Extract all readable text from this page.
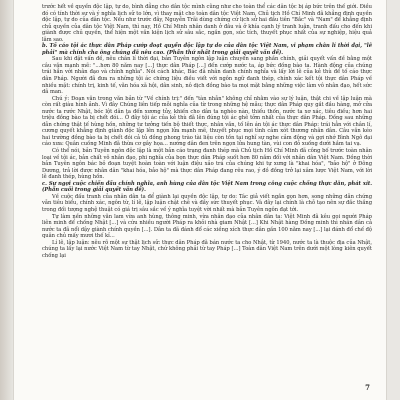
trước hết về quyền độc lập, tự do, bình đẳng cho dân tộc mình cũng như cho toàn thể các dân tộc bị áp bức trên thế giới. Điều đó có tính thời sự và ý nghĩa lịch sử to lớn, vì thay mặt cho toàn dân tộc Việt Nam, Chủ tịch Hồ Chí Minh đã khẳng định quyền độc lập, tự do của dân tộc. Nếu như trước đây, Nguyễn Trãi dùng chứng cứ lịch sử hai đầu tiên "Bắc" và "Nam" để khẳng định chủ quyền của dân tộc Việt Nam, thì nay, Hồ Chí Minh nhân danh ở đâu và ở khía cạnh lý tranh luận, tranh đấu cho đến khi giành được chủ quyền, thể hiện một văn kiện lịch sử sâu sắc, ngắn gọn, súc tích, thuyết phục nhất của sự nghiệp, hiệu quả lâm sao.

b. Tố cáo tội ác thực dân Pháp cướp đoạt quyền độc lập tự do của dân tộc Việt Nam, vi phạm chân lí thời đại, "lẽ phải" mà chính cha ông chúng đã nêu cao. (Phần thứ nhất trong giải quyết vấn đề).

Sau khi đặt vấn đề, nêu chân lí thời đại, bản Tuyên ngôn lập luận chuyển sang phần chính, giải quyết vấn đề bằng một câu văn mạnh mẽ: "...hơn 80 năm nay [...] thực dân Pháp [...] đến cướp nước ta, áp bức đồng bào ta. Hành động của chúng trái hẳn với nhân đạo và chính nghĩa". Nói cách khác, Bác đã nhân danh chính nghĩa và lấy lời lẽ của kẻ thù để tố cáo thực dân Pháp. Người đã đưa ra những tội ác chứng liệu điều viết với ngôn ngữ đanh thép, chính xác kết tội thực dân Pháp về nhiều mặt: chính trị, kinh tế, văn hóa xã hội, dân sinh, nô dịch đồng bào ta mọi mặt bằng những việc làm vô nhân đạo, hết sức dã man.

Chú ý: Đoạn văn trong văn bản từ "Về chính trị:" đến "tàn nhẫn" không chỉ nhằm vào sự lý luận, thật chi về lập luận mà còn rất giàu hình ảnh. Vì đây Chúng liên tiếp mỗi nghĩa của từ trong những hệ mẫu; thực dân Pháp quy gắt đầu hàng, mở cửa nước ta rước Nhật, bóc lột dân ta đến xương tủy, khiến cho dân ta nghèo nàn, thiếu thốn, nước ta xơ xác, tiêu điều; hơn hai triệu đồng bào ta bị chết đói... Ở đây tội ác của kẻ thù đã lên đúng tội ác ghê tởm nhất của thực dân Pháp. Đồng sau những dẫn chứng thật tế hùng hồn, những tư tưởng tiến bộ thiết thực, nhân văn, tố lên án tội ác thực dân Pháp: trái hẳn với chân lí, cương quyết khẳng định giành độc lập lên ngọn lửa mạnh mẽ, thuyết phục mọi tình cảm xót thương nhân dân. Câu văn kéo hai trường đồng bào ta bị chết đói cả tủ đồng phong trào tài liệu còn tồn tại nghĩ sự nghe cảm động và gợi nhớ Bình Ngô đại cáo xưa: Quân cuồng Minh đã thừa cơ gây họa... nướng dân đen trên ngọn lửa hung tàn, vùi con đỏ xuống dưới hầm tai vạ.

Có thể nói, bản Tuyên ngôn độc lập là một bản cáo trạng đanh thép mà Chủ tịch Hồ Chí Minh đã công bố trước toàn nhân loại về tội ác, bản chất vô nhân đạo, phi nghĩa của bọn thực dân Pháp suốt hơn 80 năm đối với nhân dân Việt Nam. Đồng thời bản Tuyên ngôn bác bỏ đoạn tuyệt hoàn toàn với luận điệu xảo trá của chúng khi tự xưng là "khai hóa", "bảo hộ" ở Đông Dương, trả lời được nhân dân "khai hóa, bảo hộ" mà thực dân Pháp đang rêu rao, ý đồ đồng trở lại xâm lược Việt Nam, với lời lẽ đanh thép, hùng hồn.

c. Sự ngợi cuộc chiến đấu chính nghĩa, anh hùng của dân tộc Việt Nam trong công cuộc chống thực dân, phát xít. (Phần cuối trong giải quyết vấn đề).

Về cuộc đấu tranh của nhân dân ta để giành lại quyền độc lập, tự do: Tác giả viết ngắn gọn hơn, song những dẫn chứng vẫn tiêu biểu, chính xác, ngôn từ, lí lẽ, lập luận chặt chẽ và đầy sức thuyết phục. Và đây lại chính là chỗ tạo nên sự đắc thắng trong đối tượng nghệ thuật có giá trị sâu sắc về ý nghĩa tuyệt vời nhất mà bản Tuyên ngôn đạt tới.

Tự làm nền những văn lam vừa anh hùng, thông minh, vừa nhân đạo của nhân dân ta: Việt Minh đã kêu gọi người Pháp liên minh để chống Nhật [...] và cứu nhiều người Pháp ra khỏi nhà giam Nhật [...] Khi Nhật hàng Đồng minh thì nhân dân cả nước ta đã nổi dậy giành chính quyền [...]. Dân ta đã đánh đổ các xiềng xích thực dân gần 100 năm nay [...] lại đánh đổ chế độ quân chủ mấy mươi thế kỉ...

Lí lẽ, lập luận: nêu rõ một sự thật lịch sử: thực dân Pháp đã bán nước ta cho Nhật, từ 1940, nước ta là thuộc địa của Nhật, chúng ta lấy lại nước Việt Nam từ tay Nhật, chứ không phải từ tay Pháp [...] Toàn dân Việt Nam trên dưới một lòng kiên quyết chống lại

7
